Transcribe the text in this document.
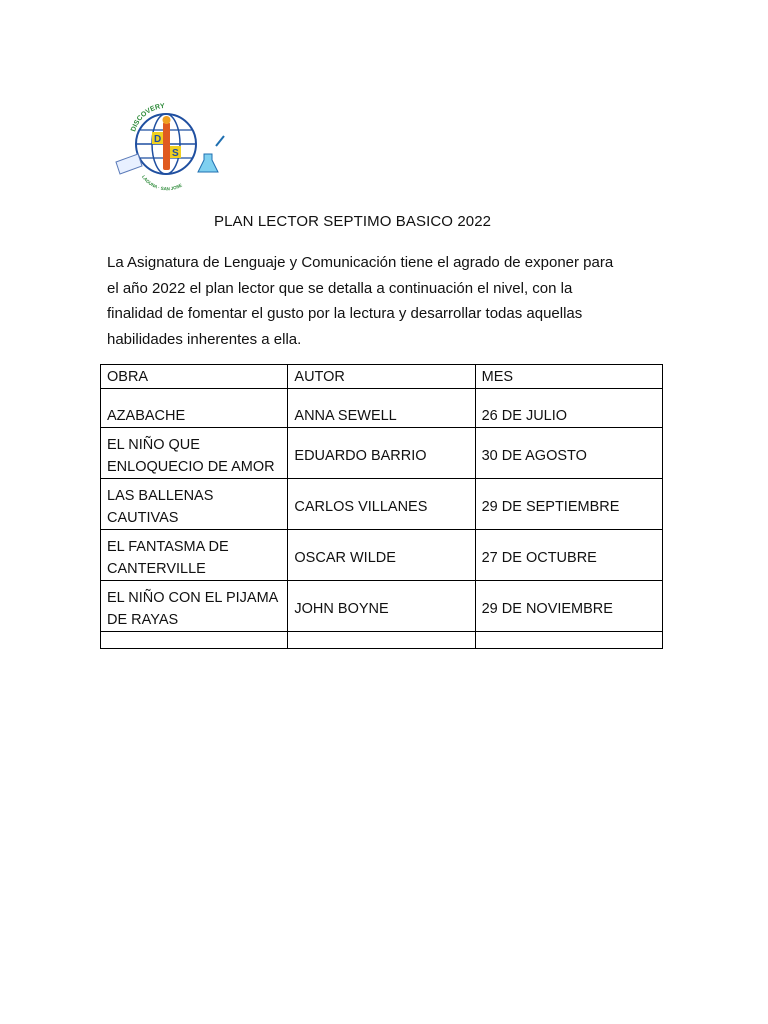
DISCOVERY
LAGUNA · SAN JOSE
D
S
PLAN LECTOR SEPTIMO BASICO 2022

La Asignatura de Lenguaje y Comunicación tiene el agrado de exponer para
el año 2022 el plan lector que se detalla a continuación el nivel, con la
finalidad de fomentar el gusto por la lectura y desarrollar todas aquellas
habilidades inherentes a ella.

OBRA	AUTOR	MES
AZABACHE	ANNA SEWELL	26 DE JULIO
EL NIÑO QUE
ENLOQUECIO DE AMOR	EDUARDO BARRIO	30 DE AGOSTO
LAS BALLENAS
CAUTIVAS	CARLOS VILLANES	29 DE SEPTIEMBRE
EL FANTASMA DE
CANTERVILLE	OSCAR WILDE	27 DE OCTUBRE
EL NIÑO CON EL PIJAMA
DE RAYAS	JOHN BOYNE	29 DE NOVIEMBRE
